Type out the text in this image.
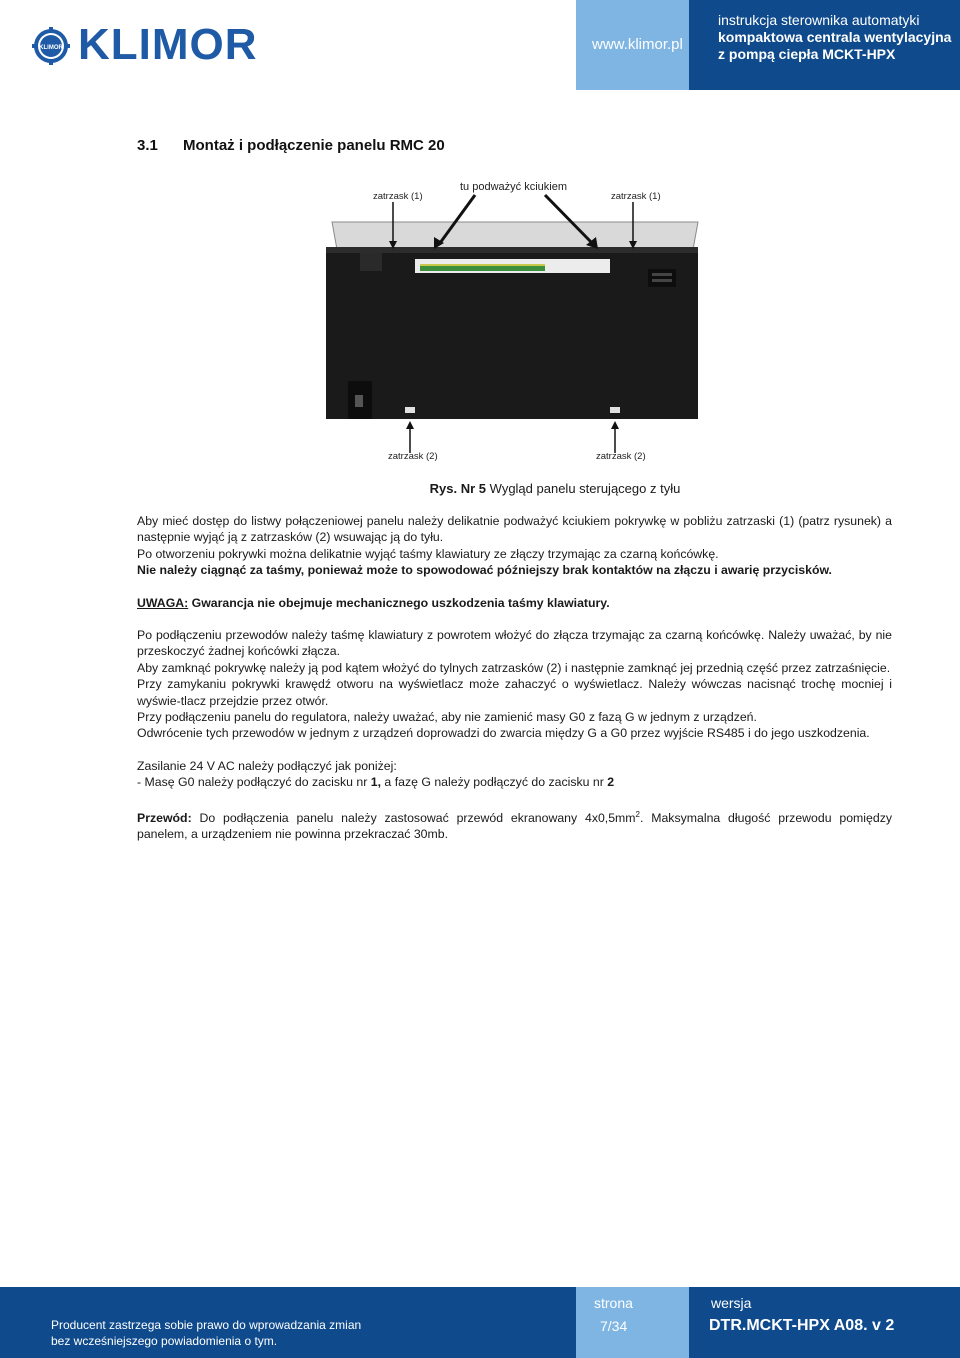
KLIMOR KLIMOR	www.klimor.pl
instrukcja sterownika automatyki
kompaktowa centrala wentylacyjna
z pompą ciepła MCKT-HPX
3.1 Montaż i podłączenie panelu RMC 20
zatrzask (1)
tu podważyć kciukiem
zatrzask (1)
zatrzask (2)	zatrzask (2)
Rys. Nr 5 Wygląd panelu sterującego z tyłu

Aby mieć dostęp do listwy połączeniowej panelu należy delikatnie podważyć kciukiem pokrywkę w pobliżu zatrzaski (1) (patrz rysunek) a następnie wyjąć ją z zatrzasków (2) wsuwając ją do tyłu.

Po otworzeniu pokrywki można delikatnie wyjąć taśmy klawiatury ze złączy trzymając za czarną końcówkę.

Nie należy ciągnąć za taśmy, ponieważ może to spowodować późniejszy brak kontaktów na złączu i awarię przycisków.

UWAGA: Gwarancja nie obejmuje mechanicznego uszkodzenia taśmy klawiatury.

Po podłączeniu przewodów należy taśmę klawiatury z powrotem włożyć do złącza trzymając za czarną końcówkę. Należy uważać, by nie przeskoczyć żadnej końcówki złącza.

Aby zamknąć pokrywkę należy ją pod kątem włożyć do tylnych zatrzasków (2) i następnie zamknąć jej przednią część przez zatrzaśnięcie.

Przy zamykaniu pokrywki krawędź otworu na wyświetlacz może zahaczyć o wyświetlacz. Należy wówczas nacisnąć trochę mocniej i wyświe-tlacz przejdzie przez otwór.

Przy podłączeniu panelu do regulatora, należy uważać, aby nie zamienić masy G0 z fazą G w jednym z urządzeń.

Odwrócenie tych przewodów w jednym z urządzeń doprowadzi do zwarcia między G a G0 przez wyjście RS485 i do jego uszkodzenia.

Zasilanie 24 V AC należy podłączyć jak poniżej:

- Masę G0 należy podłączyć do zacisku nr 1, a fazę G należy podłączyć do zacisku nr 2

Przewód: Do podłączenia panelu należy zastosować przewód ekranowany $4x0,5mm^2$. Maksymalna długość przewodu pomiędzy panelem, a urządzeniem nie powinna przekraczać 30mb.

Producent zastrzega sobie prawo do wprowadzania zmian
bez wcześniejszego powiadomienia o tym.
strona
7/34
wersja
DTR.MCKT-HPX A08. v 2
